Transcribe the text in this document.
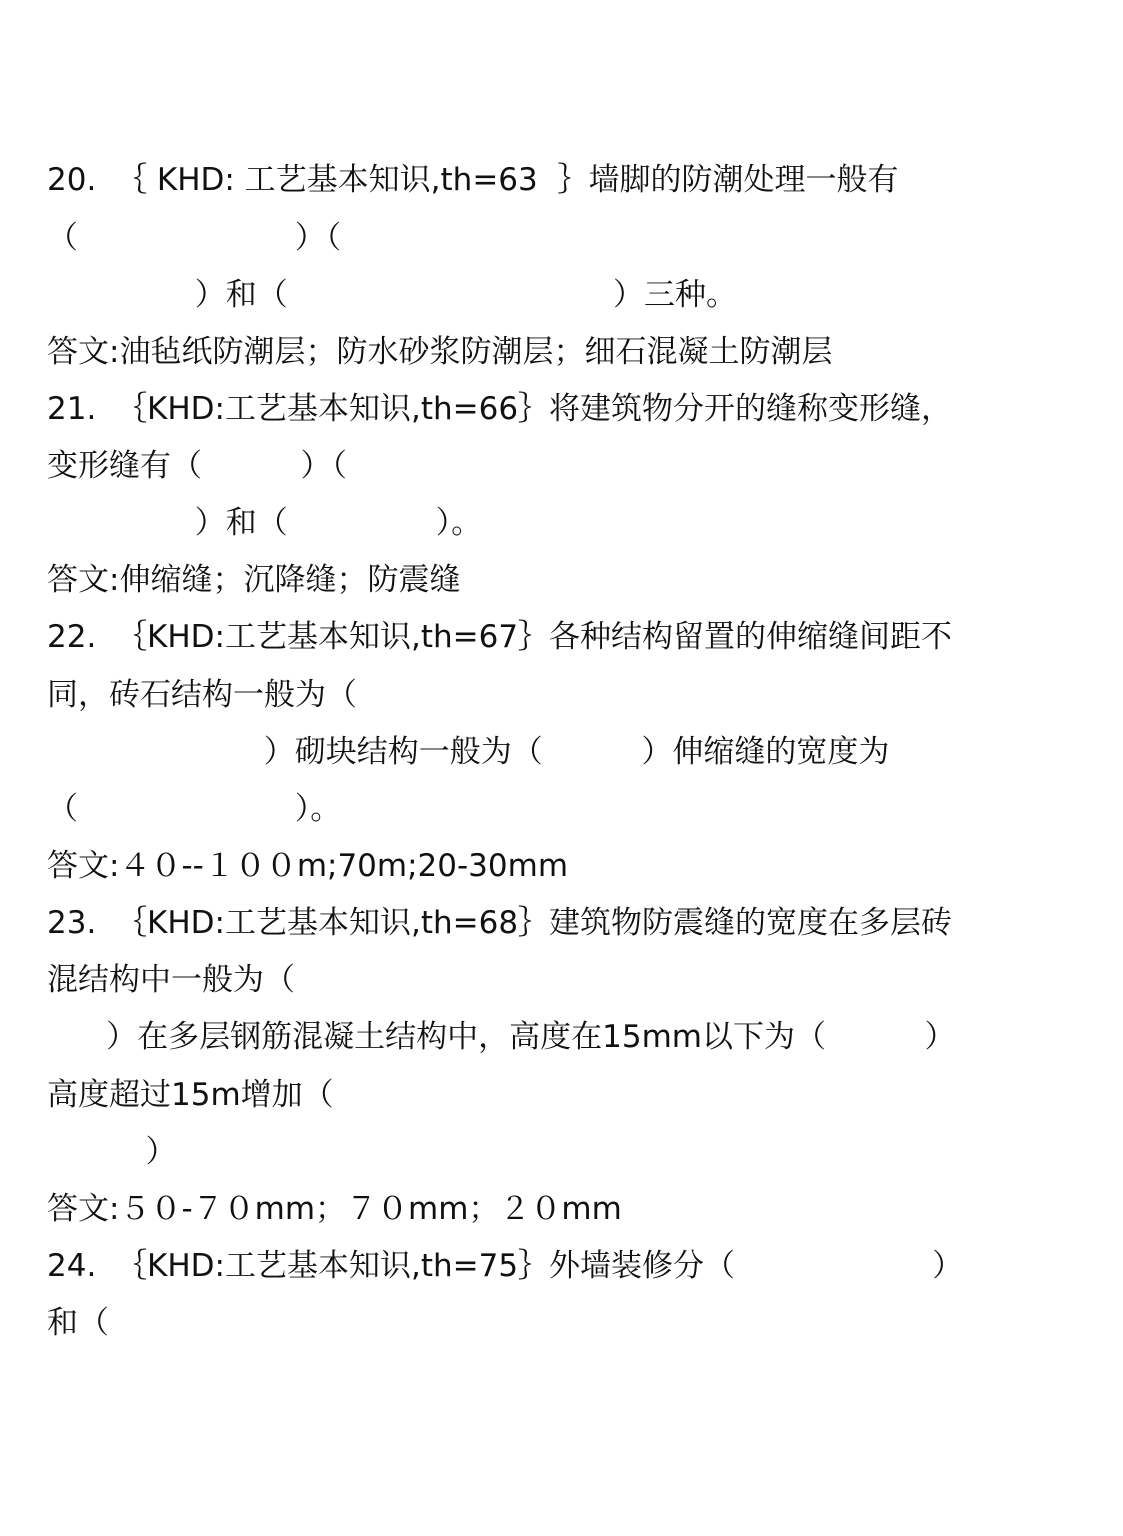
20.  ｛ KHD: 工艺基本知识,th=63  ｝墙脚的防潮处理一般有
（                      ）（
）和（                                 ）三种。
答文:油毡纸防潮层；防水砂浆防潮层；细石混凝土防潮层
21.  ｛KHD:工艺基本知识,th=66｝将建筑物分开的缝称变形缝，
变形缝有（          ）（
）和（               ）。
答文:伸缩缝；沉降缝；防震缝
22.  ｛KHD:工艺基本知识,th=67｝各种结构留置的伸缩缝间距不
同，砖石结构一般为（
）砌块结构一般为（          ）伸缩缝的宽度为
（                      ）。
答文:４０--１００m;70m;20-30mm
23.  ｛KHD:工艺基本知识,th=68｝建筑物防震缝的宽度在多层砖
混结构中一般为（
）在多层钢筋混凝土结构中，高度在15mm以下为（          ）
高度超过15m增加（
）
答文:５０-７０mm；７０mm；２０mm
24.  ｛KHD:工艺基本知识,th=75｝外墙装修分（                    ）
和（
